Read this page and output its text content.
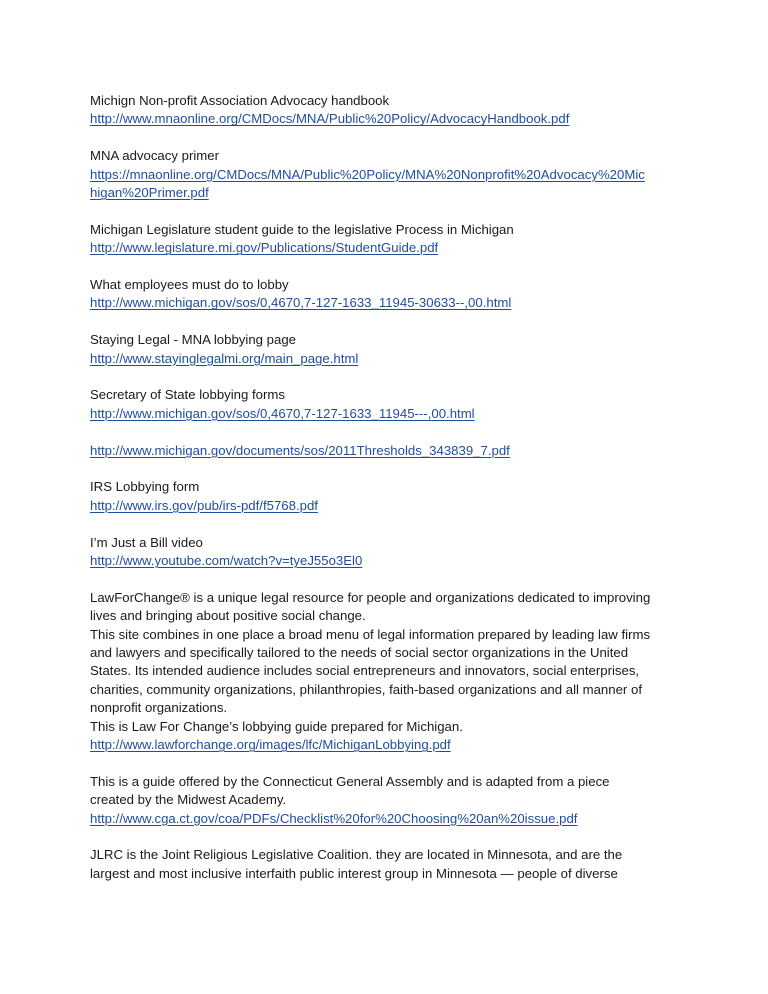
Michign Non-profit Association Advocacy handbook
http://www.mnaonline.org/CMDocs/MNA/Public%20Policy/AdvocacyHandbook.pdf
MNA advocacy primer
https://mnaonline.org/CMDocs/MNA/Public%20Policy/MNA%20Nonprofit%20Advocacy%20Mic
higan%20Primer.pdf
Michigan Legislature student guide to the legislative Process in Michigan
http://www.legislature.mi.gov/Publications/StudentGuide.pdf
What employees must do to lobby
http://www.michigan.gov/sos/0,4670,7-127-1633_11945-30633--,00.html
Staying Legal - MNA lobbying page
http://www.stayinglegalmi.org/main_page.html
Secretary of State lobbying forms
http://www.michigan.gov/sos/0,4670,7-127-1633_11945---,00.html
http://www.michigan.gov/documents/sos/2011Thresholds_343839_7.pdf
IRS Lobbying form
http://www.irs.gov/pub/irs-pdf/f5768.pdf
I’m Just a Bill video
http://www.youtube.com/watch?v=tyeJ55o3El0
LawForChange® is a unique legal resource for people and organizations dedicated to improving
lives and bringing about positive social change.
This site combines in one place a broad menu of legal information prepared by leading law firms
and lawyers and specifically tailored to the needs of social sector organizations in the United
States. Its intended audience includes social entrepreneurs and innovators, social enterprises,
charities, community organizations, philanthropies, faith-based organizations and all manner of
nonprofit organizations.
This is Law For Change’s lobbying guide prepared for Michigan.
http://www.lawforchange.org/images/lfc/MichiganLobbying.pdf
This is a guide offered by the Connecticut General Assembly and is adapted from a piece
created by the Midwest Academy.
http://www.cga.ct.gov/coa/PDFs/Checklist%20for%20Choosing%20an%20issue.pdf
JLRC is the Joint Religious Legislative Coalition. they are located in Minnesota, and are the
largest and most inclusive interfaith public interest group in Minnesota — people of diverse
